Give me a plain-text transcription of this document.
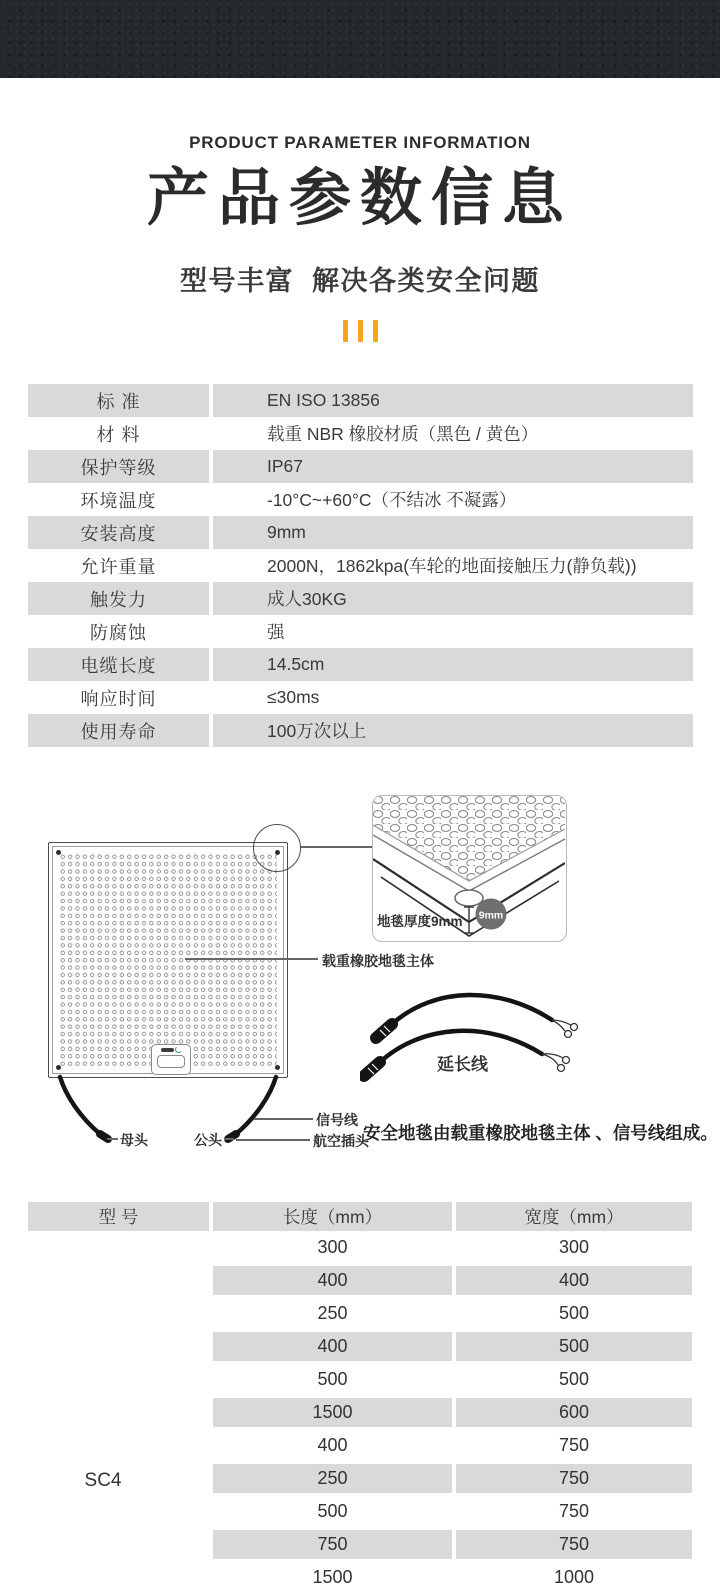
PRODUCT PARAMETER INFORMATION
产品参数信息
型号丰富  解决各类安全问题
标 准	EN ISO 13856
材 料	载重 NBR 橡胶材质（黑色 / 黄色）
保护等级	IP67
环境温度	-10°C~+60°C（不结冰 不凝露）
安装高度	9mm
允许重量	2000N，1862kpa(车轮的地面接触压力(静负载))
触发力	成人30KG
防腐蚀	强
电缆长度	14.5cm
响应时间	≤30ms
使用寿命	100万次以上
9mm
地毯厚度9mm
载重橡胶地毯主体
母头	公头
信号线
航空插头
延长线
安全地毯由载重橡胶地毯主体 、信号线组成。
型 号	长度（mm）	宽度（mm）
300	300
400	400
250	500
400	500
500	500
1500	600
400	750
250	750
500	750
750	750
1500	1000
SC4
